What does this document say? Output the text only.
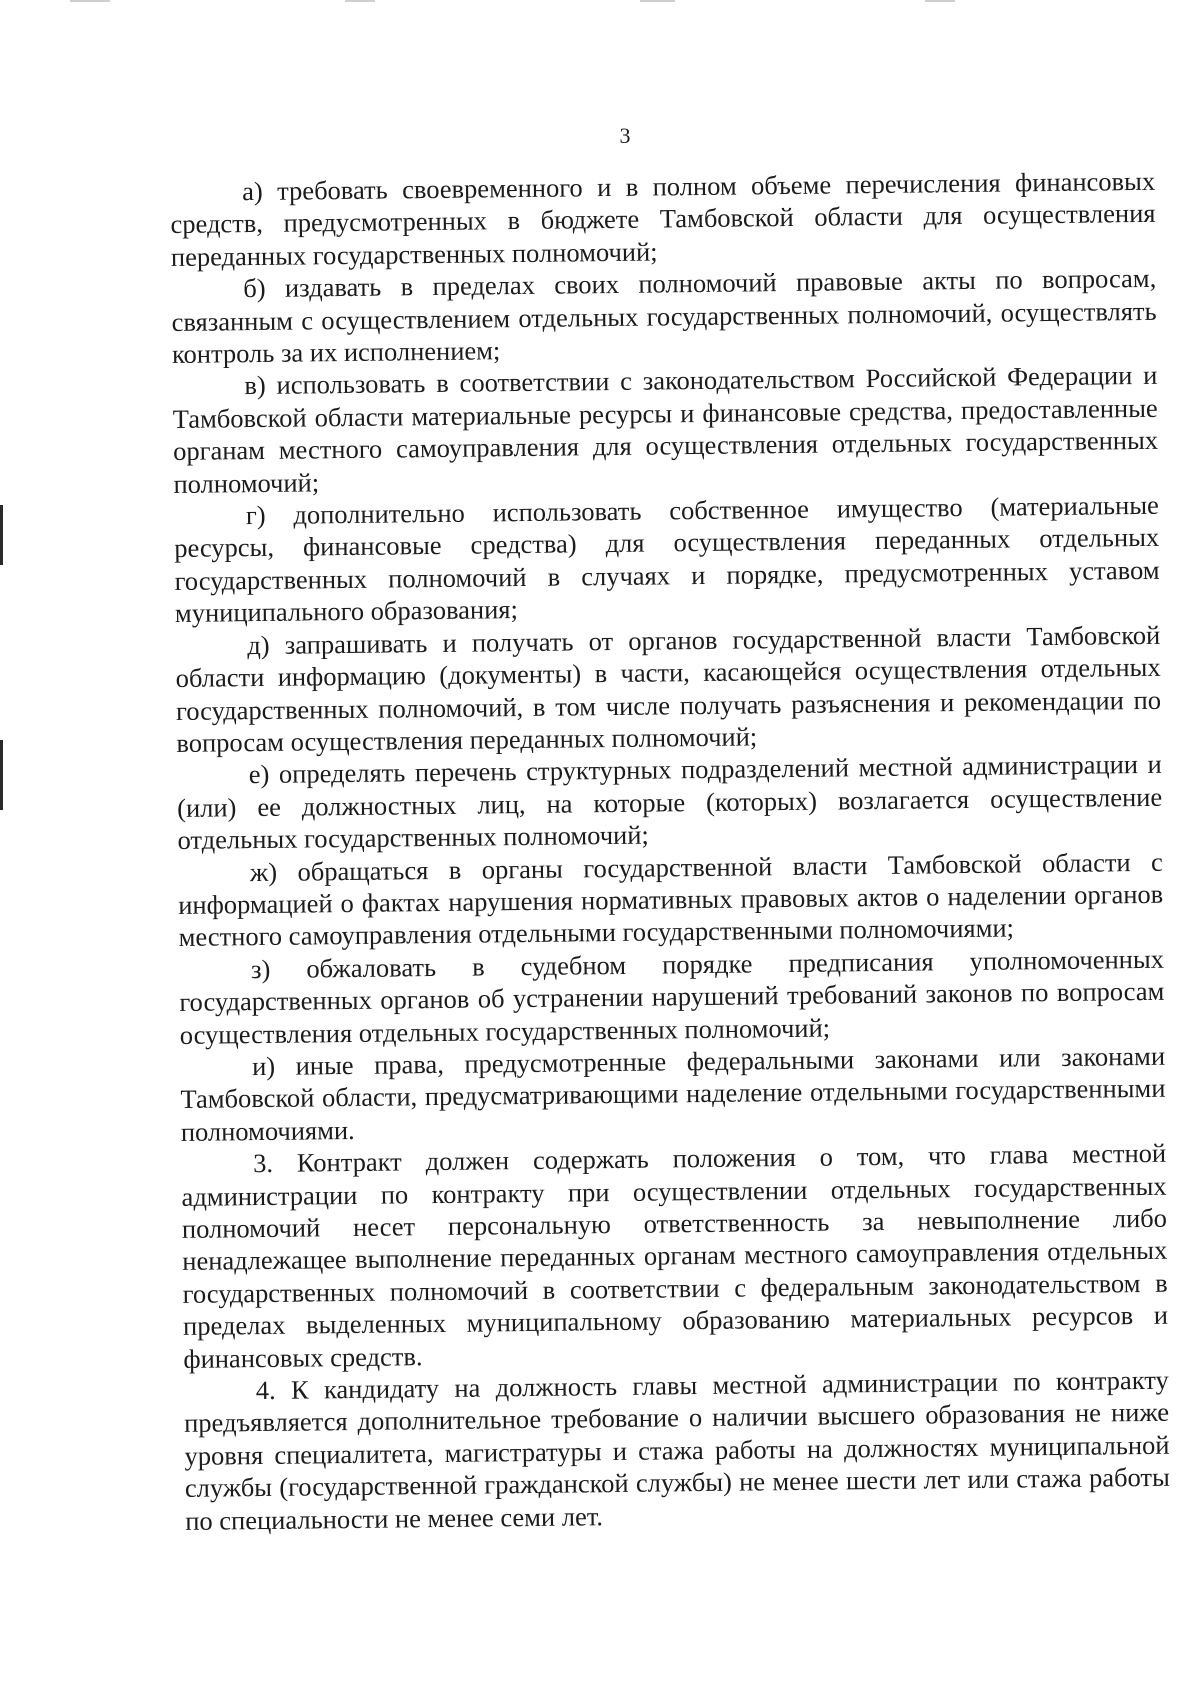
3

а) требовать своевременного и в полном объеме перечисления финансовых средств, предусмотренных в бюджете Тамбовской области для осуществления переданных государственных полномочий;

б) издавать в пределах своих полномочий правовые акты по вопросам, связанным с осуществлением отдельных государственных полномочий, осуществлять контроль за их исполнением;

в) использовать в соответствии с законодательством Российской Федерации и Тамбовской области материальные ресурсы и финансовые средства, предоставленные органам местного самоуправления для осуществления отдельных государственных полномочий;

г) дополнительно использовать собственное имущество (материальные ресурсы, финансовые средства) для осуществления переданных отдельных государственных полномочий в случаях и порядке, предусмотренных уставом муниципального образования;

д) запрашивать и получать от органов государственной власти Тамбовской области информацию (документы) в части, касающейся осуществления отдельных государственных полномочий, в том числе получать разъяснения и рекомендации по вопросам осуществления переданных полномочий;

е) определять перечень структурных подразделений местной администрации и (или) ее должностных лиц, на которые (которых) возлагается осуществление отдельных государственных полномочий;

ж) обращаться в органы государственной власти Тамбовской области с информацией о фактах нарушения нормативных правовых актов о наделении органов местного самоуправления отдельными государственными полномочиями;

з) обжаловать в судебном порядке предписания уполномоченных государственных органов об устранении нарушений требований законов по вопросам осуществления отдельных государственных полномочий;

и) иные права, предусмотренные федеральными законами или законами Тамбовской области, предусматривающими наделение отдельными государственными полномочиями.

3. Контракт должен содержать положения о том, что глава местной администрации по контракту при осуществлении отдельных государственных полномочий несет персональную ответственность за невыполнение либо ненадлежащее выполнение переданных органам местного самоуправления отдельных государственных полномочий в соответствии с федеральным законодательством в пределах выделенных муниципальному образованию материальных ресурсов и финансовых средств.

4. К кандидату на должность главы местной администрации по контракту предъявляется дополнительное требование о наличии высшего образования не ниже уровня специалитета, магистратуры и стажа работы на должностях муниципальной службы (государственной гражданской службы) не менее шести лет или стажа работы по специальности не менее семи лет.
